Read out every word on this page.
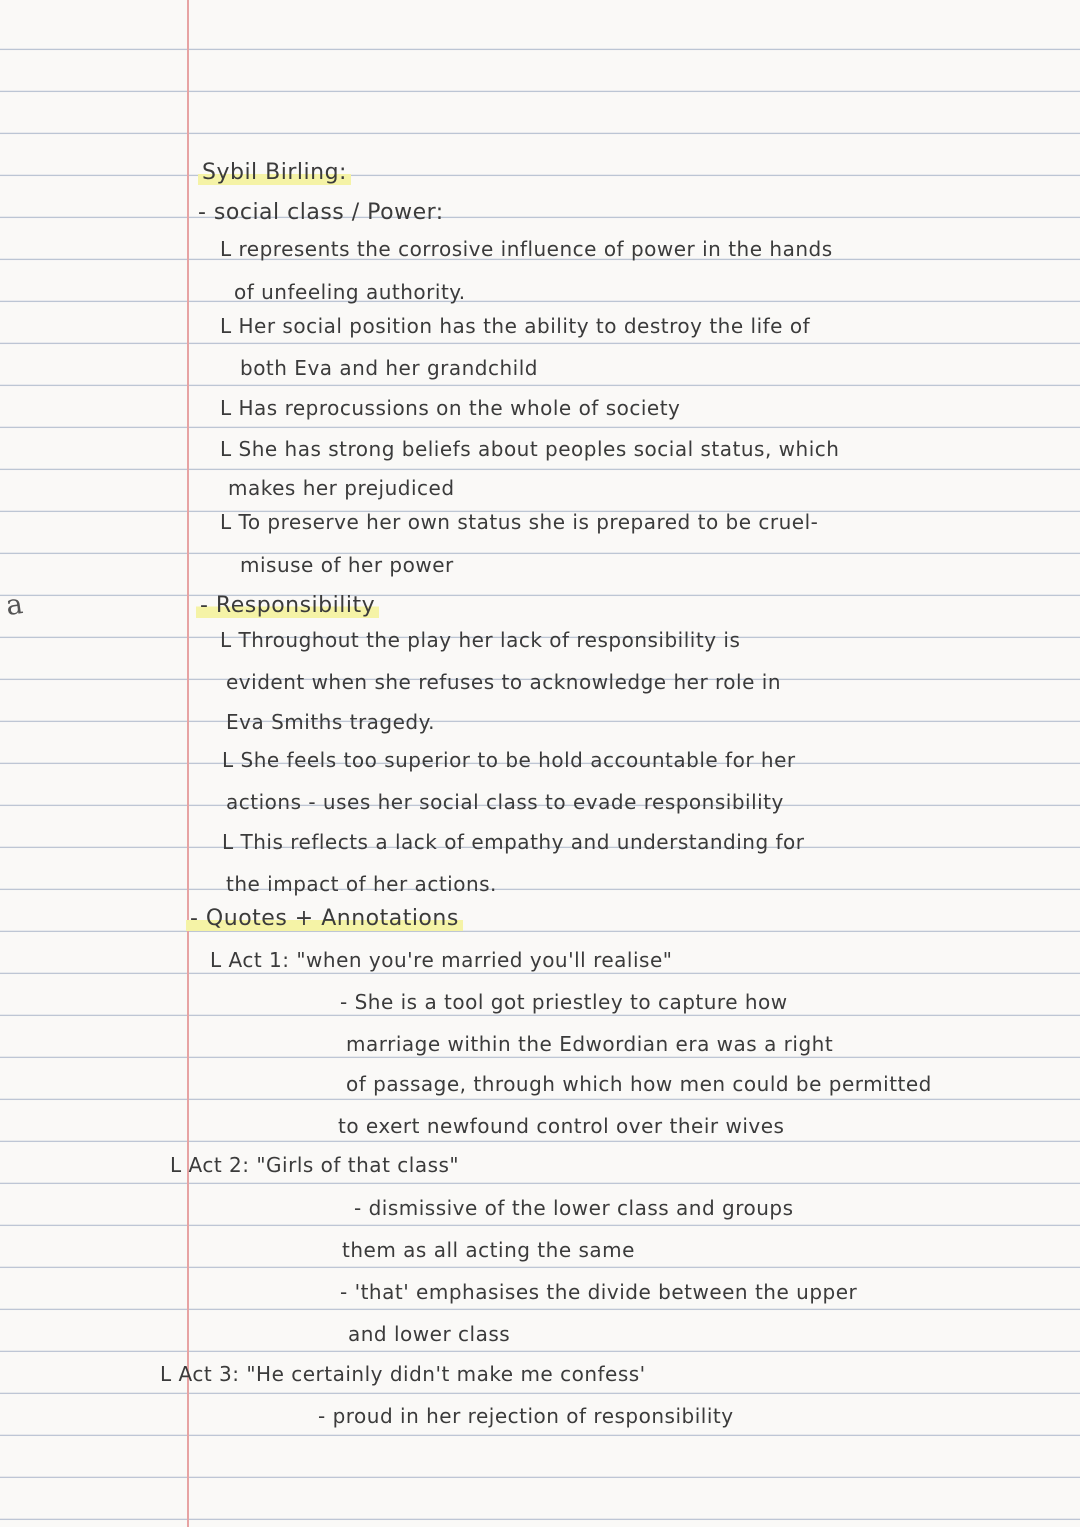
a
Sybil Birling:
- social class / Power:
L represents the corrosive influence of power in the hands
of unfeeling authority.
L Her social position has the ability to destroy the life of
both Eva and her grandchild
L Has reprocussions on the whole of society
L She has strong beliefs about peoples social status, which
makes her prejudiced
L To preserve her own status she is prepared to be cruel-
misuse of her power
- Responsibility
L Throughout the play her lack of responsibility is
evident when she refuses to acknowledge her role in
Eva Smiths tragedy.
L She feels too superior to be hold accountable for her
actions - uses her social class to evade responsibility
L This reflects a lack of empathy and understanding for
the impact of her actions.
- Quotes + Annotations
L Act 1: "when you're married you'll realise"
- She is a tool got priestley to capture how
marriage within the Edwordian era was a right
of passage, through which how men could be permitted
to exert newfound control over their wives
L Act 2: "Girls of that class"
- dismissive of the lower class and groups
them as all acting the same
- 'that' emphasises the divide between the upper
and lower class
L Act 3: "He certainly didn't make me confess'
- proud in her rejection of responsibility
